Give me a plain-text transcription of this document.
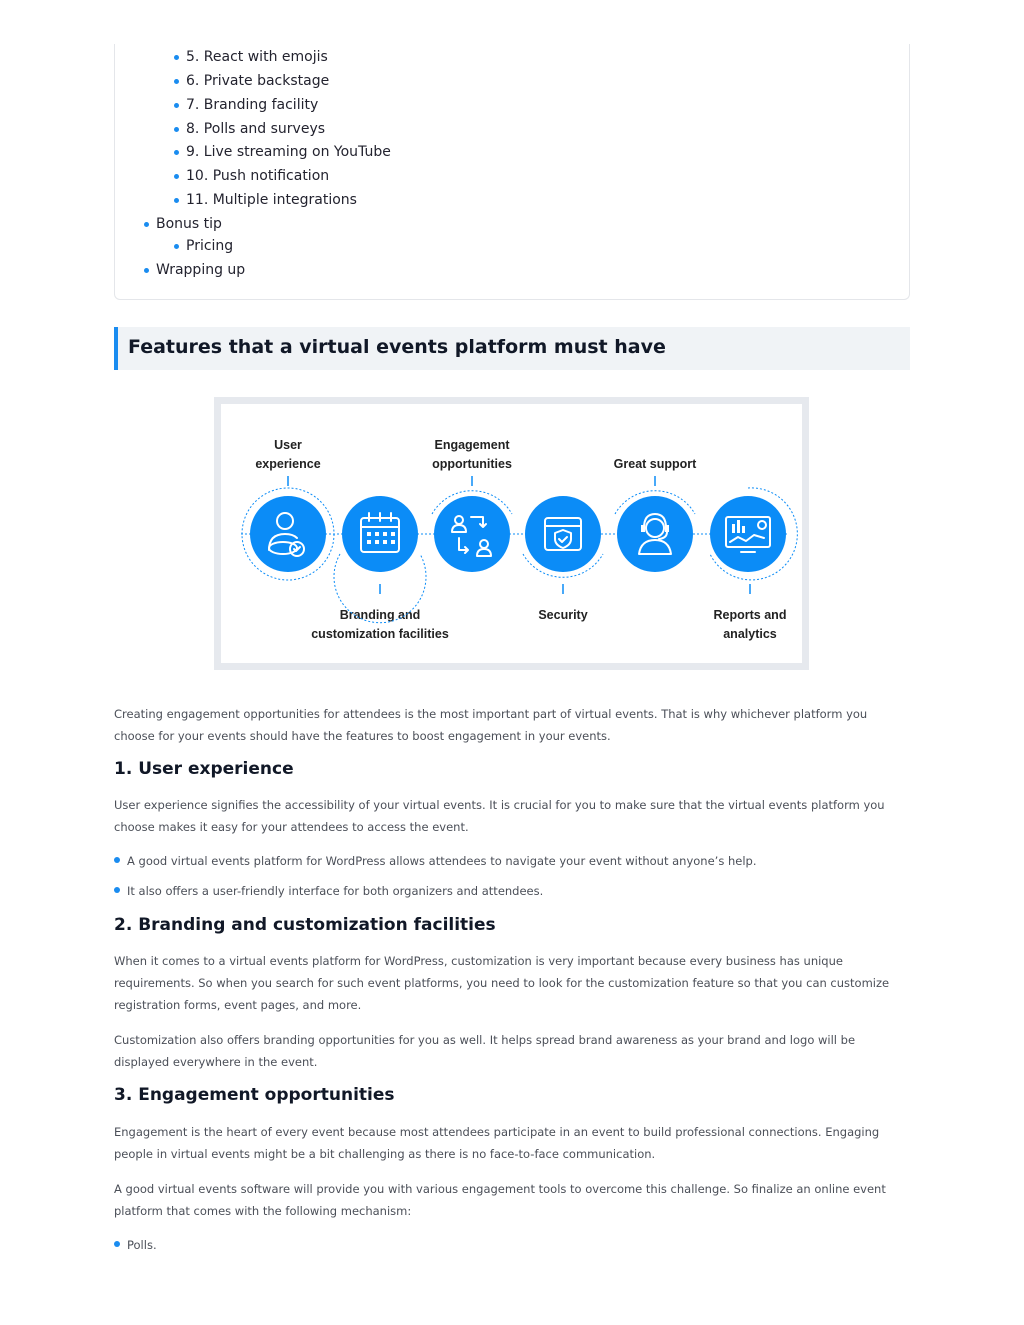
5. React with emojis
6. Private backstage
7. Branding facility
8. Polls and surveys
9. Live streaming on YouTube
10. Push notification
11. Multiple integrations
Bonus tip
Pricing
Wrapping up
Features that a virtual events platform must have
User
experience
Engagement
opportunities	Great support
Branding and
customization facilities
Security	Reports and
analytics

Creating engagement opportunities for attendees is the most important part of virtual events. That is why whichever platform you choose for your events should have the features to boost engagement in your events.

1. User experience

User experience signifies the accessibility of your virtual events. It is crucial for you to make sure that the virtual events platform you choose makes it easy for your attendees to access the event.

A good virtual events platform for WordPress allows attendees to navigate your event without anyone’s help.
It also offers a user-friendly interface for both organizers and attendees.
2. Branding and customization facilities

When it comes to a virtual events platform for WordPress, customization is very important because every business has unique requirements. So when you search for such event platforms, you need to look for the customization feature so that you can customize registration forms, event pages, and more.

Customization also offers branding opportunities for you as well. It helps spread brand awareness as your brand and logo will be displayed everywhere in the event.

3. Engagement opportunities

Engagement is the heart of every event because most attendees participate in an event to build professional connections. Engaging people in virtual events might be a bit challenging as there is no face-to-face communication.

A good virtual events software will provide you with various engagement tools to overcome this challenge. So finalize an online event platform that comes with the following mechanism:

Polls.
